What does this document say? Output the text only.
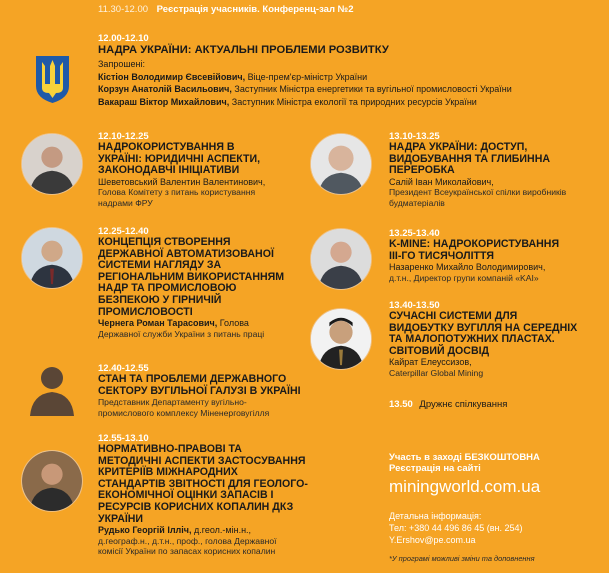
11.30-12.00 Реєстрація учасників. Конференц-зал №2
12.00-12.10
НАДРА УКРАЇНИ: АКТУАЛЬНІ ПРОБЛЕМИ РОЗВИТКУ
Запрошені:
Кістіон Володимир Євсевійович, Віце-прем'єр-міністр України
Корзун Анатолій Васильович, Заступник Міністра енергетики та вугільної промисловості України
Вакараш Віктор Михайлович, Заступник Міністра екології та природних ресурсів України
12.10-12.25
НАДРОКОРИСТУВАННЯ В
УКРАЇНІ: ЮРИДИЧНІ АСПЕКТИ,
ЗАКОНОДАВЧІ ІНІЦІАТИВИ
Шеветовський Валентин Валентинович,
Голова Комітету з питань користування
надрами ФРУ
12.25-12.40
КОНЦЕПЦІЯ СТВОРЕННЯ
ДЕРЖАВНОЇ АВТОМАТИЗОВАНОЇ
СИСТЕМИ НАГЛЯДУ ЗА
РЕГІОНАЛЬНИМ ВИКОРИСТАННЯМ
НАДР ТА ПРОМИСЛОВОЮ
БЕЗПЕКОЮ У ГІРНИЧІЙ
ПРОМИСЛОВОСТІ
Чернега Роман Тарасович, Голова
Державної служби України з питань праці
12.40-12.55
СТАН ТА ПРОБЛЕМИ ДЕРЖАВНОГО
СЕКТОРУ ВУГІЛЬНОЇ ГАЛУЗІ В УКРАЇНІ
Представник Департаменту вугільно-
промислового комплексу Міненерговугілля
12.55-13.10
НОРМАТИВНО-ПРАВОВІ ТА
МЕТОДИЧНІ АСПЕКТИ ЗАСТОСУВАННЯ
КРИТЕРІЇВ МІЖНАРОДНИХ
СТАНДАРТІВ ЗВІТНОСТІ ДЛЯ ГЕОЛОГО-
ЕКОНОМІЧНОЇ ОЦІНКИ ЗАПАСІВ І
РЕСУРСІВ КОРИСНИХ КОПАЛИН ДКЗ
УКРАЇНИ
Рудько Георгій Ілліч, д.геол.-мін.н.,
д.географ.н., д.т.н., проф., голова Державної
комісії України по запасах корисних копалин
13.10-13.25
НАДРА УКРАЇНИ: ДОСТУП,
ВИДОБУВАННЯ ТА ГЛИБИННА
ПЕРЕРОБКА
Салій Іван Миколайович,
Президент Всеукраїнської спілки виробників
будматеріалів
13.25-13.40
K-MINE: НАДРОКОРИСТУВАННЯ
ІІІ-ГО ТИСЯЧОЛІТТЯ
Назаренко Михайло Володимирович,
д.т.н., Директор групи компаній «KAI»
13.40-13.50
СУЧАСНІ СИСТЕМИ ДЛЯ
ВИДОБУТКУ ВУГІЛЛЯ НА СЕРЕДНІХ
ТА МАЛОПОТУЖНИХ ПЛАСТАХ.
СВІТОВИЙ ДОСВІД
Кайрат Елеуссизов,
Caterpillar Global Mining
13.50 Дружнє спілкування
Участь в заході БЕЗКОШТОВНА
Реєстрація на сайті
miningworld.com.ua
Детальна інформація:
Тел: +380 44 496 86 45 (вн. 254)
Y.Ershov@pe.com.ua
*У програмі можливі зміни та доповнення
